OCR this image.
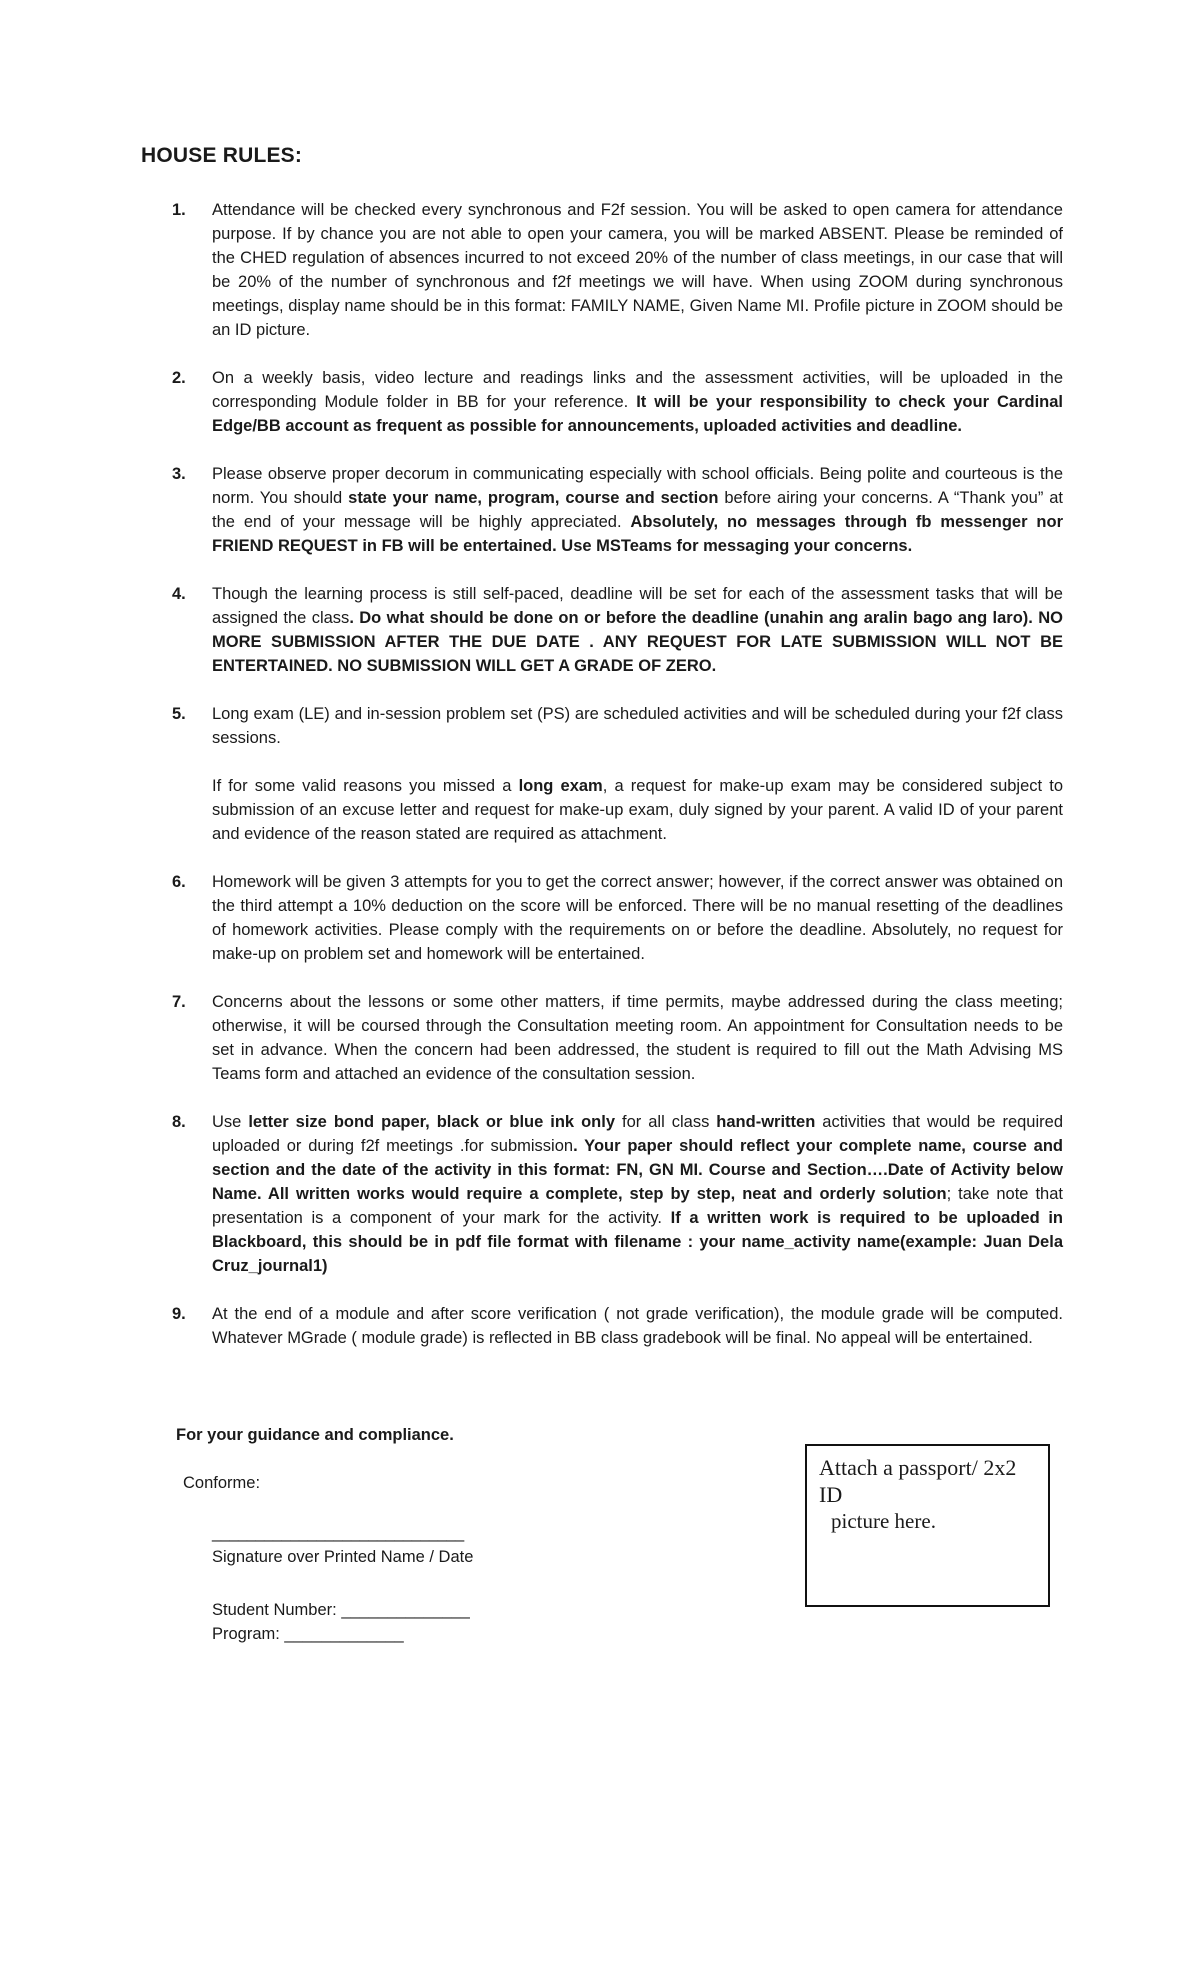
HOUSE RULES:
1.	Attendance will be checked every synchronous and F2f session. You will be asked to open camera for attendance purpose. If by chance you are not able to open your camera, you will be marked ABSENT. Please be reminded of the CHED regulation of absences incurred to not exceed 20% of the number of class meetings, in our case that will be 20% of the number of synchronous and f2f meetings we will have. When using ZOOM during synchronous meetings, display name should be in this format: FAMILY NAME, Given Name MI. Profile picture in ZOOM should be an ID picture.

2.	On a weekly basis, video lecture and readings links and the assessment activities, will be uploaded in the corresponding Module folder in BB for your reference. It will be your responsibility to check your Cardinal Edge/BB account as frequent as possible for announcements, uploaded activities and deadline.

3.	Please observe proper decorum in communicating especially with school officials. Being polite and courteous is the norm. You should state your name, program, course and section before airing your concerns. A “Thank you” at the end of your message will be highly appreciated. Absolutely, no messages through fb messenger nor FRIEND REQUEST in FB will be entertained. Use MSTeams for messaging your concerns.

4.	Though the learning process is still self-paced, deadline will be set for each of the assessment tasks that will be assigned the class. Do what should be done on or before the deadline (unahin ang aralin bago ang laro). NO MORE SUBMISSION AFTER THE DUE DATE . ANY REQUEST FOR LATE SUBMISSION WILL NOT BE ENTERTAINED. NO SUBMISSION WILL GET A GRADE OF ZERO.

5.	Long exam (LE) and in-session problem set (PS) are scheduled activities and will be scheduled during your f2f class sessions.

If for some valid reasons you missed a long exam, a request for make-up exam may be considered subject to submission of an excuse letter and request for make-up exam, duly signed by your parent. A valid ID of your parent and evidence of the reason stated are required as attachment.

6.	Homework will be given 3 attempts for you to get the correct answer; however, if the correct answer was obtained on the third attempt a 10% deduction on the score will be enforced. There will be no manual resetting of the deadlines of homework activities. Please comply with the requirements on or before the deadline. Absolutely, no request for make-up on problem set and homework will be entertained.

7.	Concerns about the lessons or some other matters, if time permits, maybe addressed during the class meeting; otherwise, it will be coursed through the Consultation meeting room. An appointment for Consultation needs to be set in advance. When the concern had been addressed, the student is required to fill out the Math Advising MS Teams form and attached an evidence of the consultation session.

8.	Use letter size bond paper, black or blue ink only for all class hand-written activities that would be required uploaded or during f2f meetings .for submission. Your paper should reflect your complete name, course and section and the date of the activity in this format: FN, GN MI. Course and Section….Date of Activity below Name. All written works would require a complete, step by step, neat and orderly solution; take note that presentation is a component of your mark for the activity. If a written work is required to be uploaded in Blackboard, this should be in pdf file format with filename : your name_activity name(example: Juan Dela Cruz_journal1)

9.	At the end of a module and after score verification ( not grade verification), the module grade will be computed. Whatever MGrade ( module grade) is reflected in BB class gradebook will be final. No appeal will be entertained.

For your guidance and compliance.
Conforme:
_____________________________
Signature over Printed Name / Date
Student Number: ______________
Program: _____________
Attach a passport/ 2x2 ID
picture here.
